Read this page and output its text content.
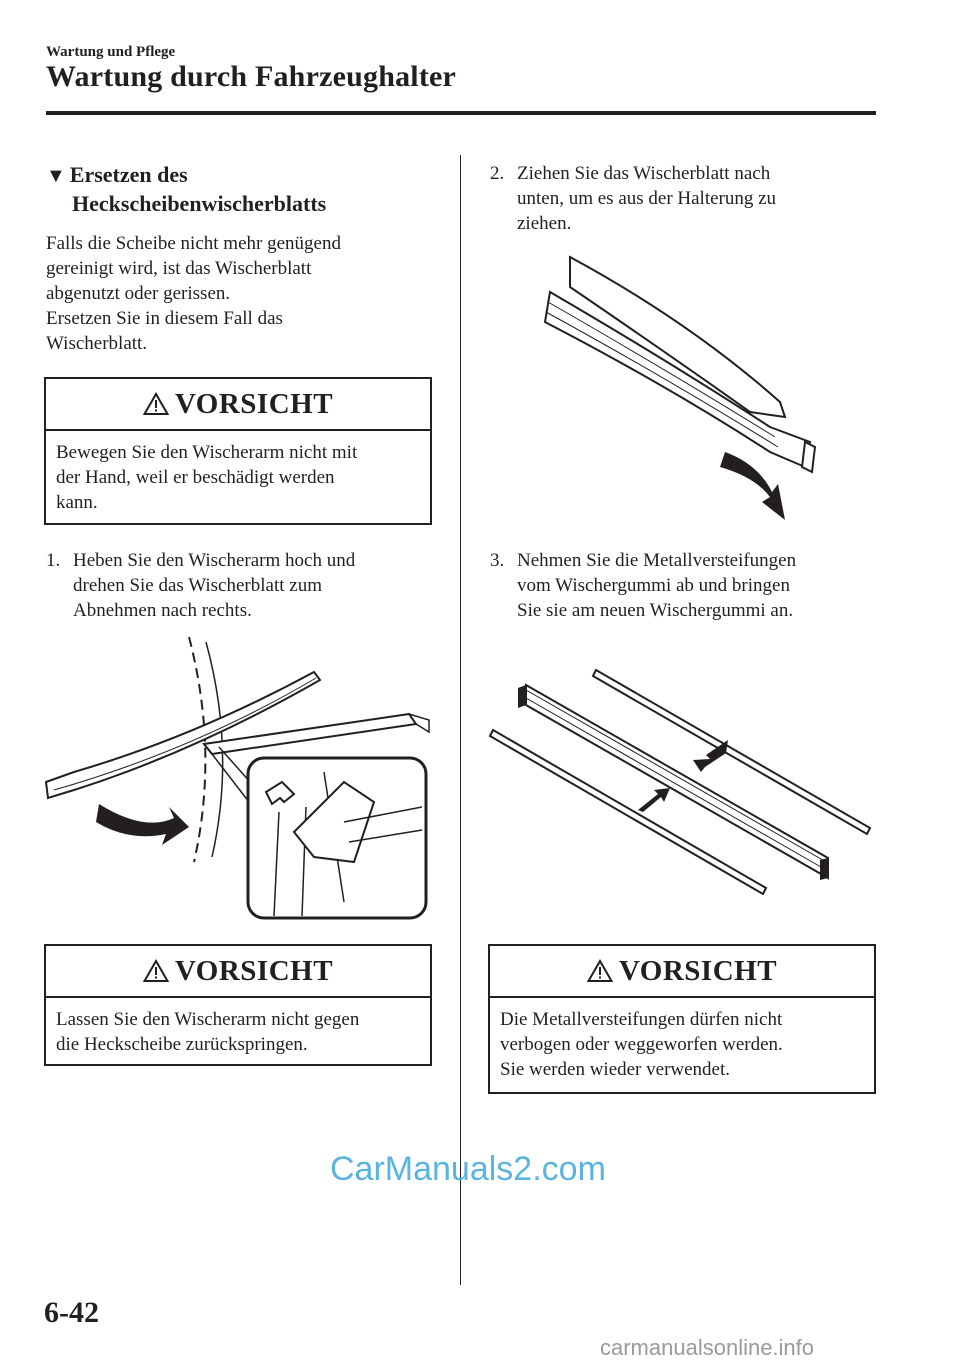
Wartung und Pflege
Wartung durch Fahrzeughalter
▼ Ersetzen des
Heckscheibenwischerblatts
Falls die Scheibe nicht mehr genügend
gereinigt wird, ist das Wischerblatt
abgenutzt oder gerissen.
Ersetzen Sie in diesem Fall das
Wischerblatt.
VORSICHT
Bewegen Sie den Wischerarm nicht mit
der Hand, weil er beschädigt werden
kann.
1. Heben Sie den Wischerarm hoch und
drehen Sie das Wischerblatt zum
Abnehmen nach rechts.
VORSICHT
Lassen Sie den Wischerarm nicht gegen
die Heckscheibe zurückspringen.
2. Ziehen Sie das Wischerblatt nach
unten, um es aus der Halterung zu
ziehen.
3. Nehmen Sie die Metallversteifungen
vom Wischergummi ab und bringen
Sie sie am neuen Wischergummi an.
VORSICHT
Die Metallversteifungen dürfen nicht
verbogen oder weggeworfen werden.
Sie werden wieder verwendet.
CarManuals2.com
6-42
carmanualsonline.info
